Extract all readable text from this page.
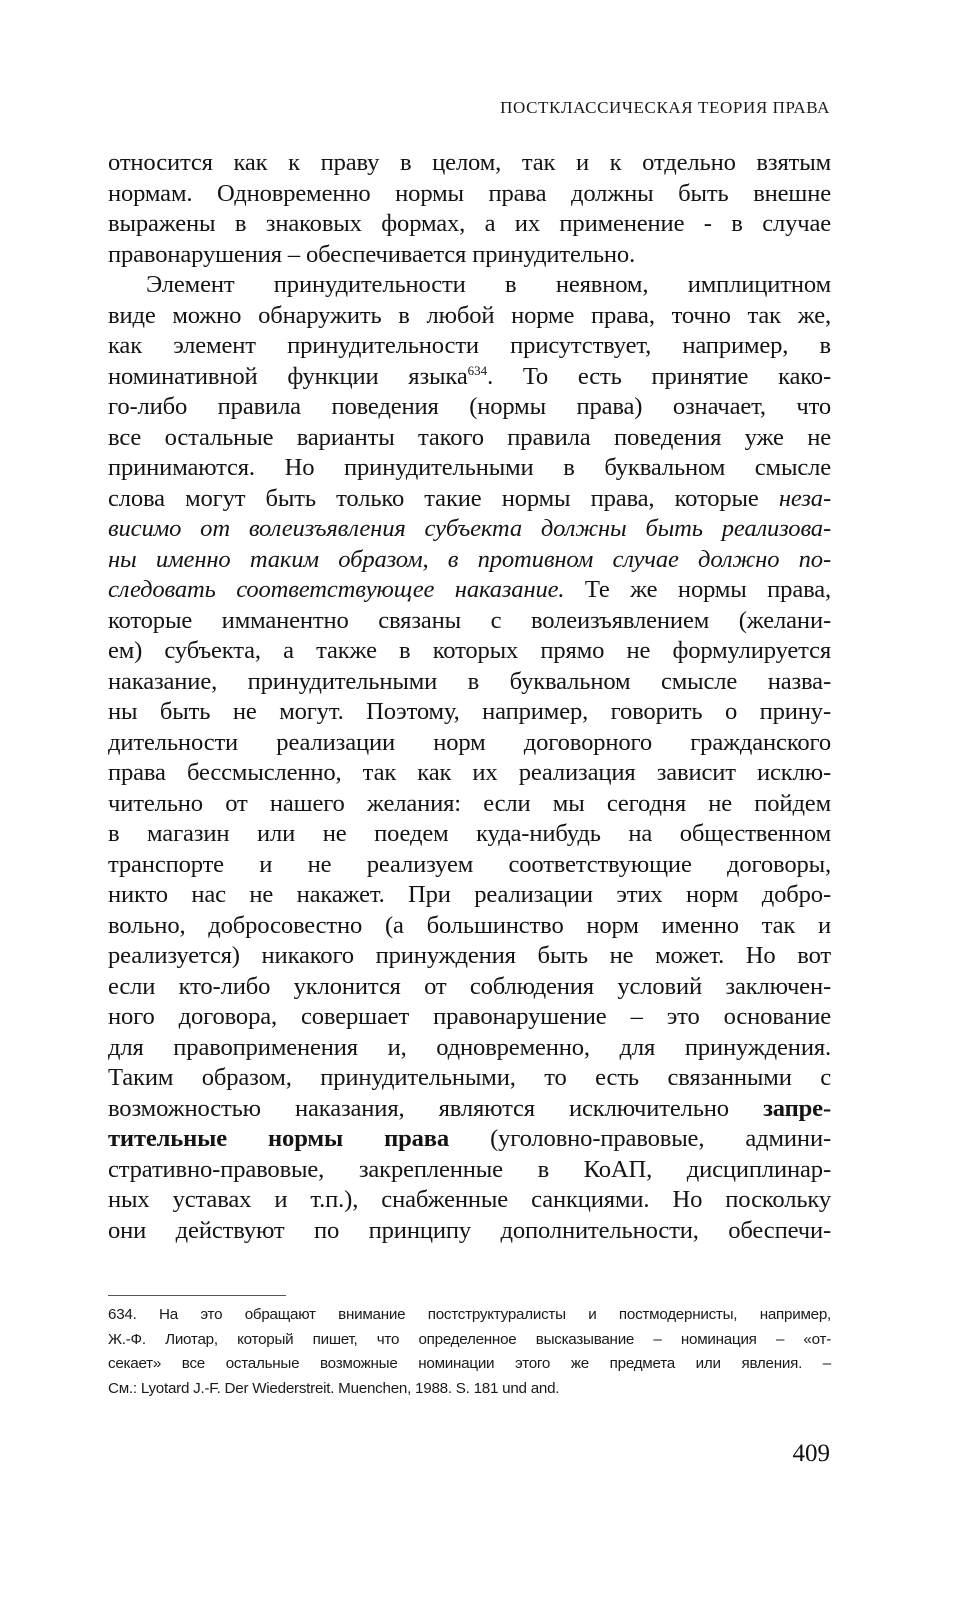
ПОСТКЛАССИЧЕСКАЯ ТЕОРИЯ ПРАВА
относится как к праву в целом, так и к отдельно взятым
нормам. Одновременно нормы права должны быть внешне
выражены в знаковых формах, а их применение - в случае
правонарушения – обеспечивается принудительно.
Элемент принудительности в неявном, имплицитном
виде можно обнаружить в любой норме права, точно так же,
как элемент принудительности присутствует, например, в
номинативной функции языка$^{634}$. То есть принятие како-
го-либо правила поведения (нормы права) означает, что
все остальные варианты такого правила поведения уже не
принимаются. Но принудительными в буквальном смысле
слова могут быть только такие нормы права, которые неза-
висимо от волеизъявления субъекта должны быть реализова-
ны именно таким образом, в противном случае должно по-
следовать соответствующее наказание. Те же нормы права,
которые имманентно связаны с волеизъявлением (желани-
ем) субъекта, а также в которых прямо не формулируется
наказание, принудительными в буквальном смысле назва-
ны быть не могут. Поэтому, например, говорить о прину-
дительности реализации норм договорного гражданского
права бессмысленно, так как их реализация зависит исклю-
чительно от нашего желания: если мы сегодня не пойдем
в магазин или не поедем куда-нибудь на общественном
транспорте и не реализуем соответствующие договоры,
никто нас не накажет. При реализации этих норм добро-
вольно, добросовестно (а большинство норм именно так и
реализуется) никакого принуждения быть не может. Но вот
если кто-либо уклонится от соблюдения условий заключен-
ного договора, совершает правонарушение – это основание
для правоприменения и, одновременно, для принуждения.
Таким образом, принудительными, то есть связанными с
возможностью наказания, являются исключительно запре-
тительные нормы права (уголовно-правовые, админи-
стративно-правовые, закрепленные в КоАП, дисциплинар-
ных уставах и т.п.), снабженные санкциями. Но поскольку
они действуют по принципу дополнительности, обеспечи-
634. На это обращают внимание постструктуралисты и постмодернисты, например,
Ж.-Ф. Лиотар, который пишет, что определенное высказывание – номинация – «от-
секает» все остальные возможные номинации этого же предмета или явления. –
См.: Lyotard J.-F. Der Wiederstreit. Muenchen, 1988. S. 181 und and.
409
